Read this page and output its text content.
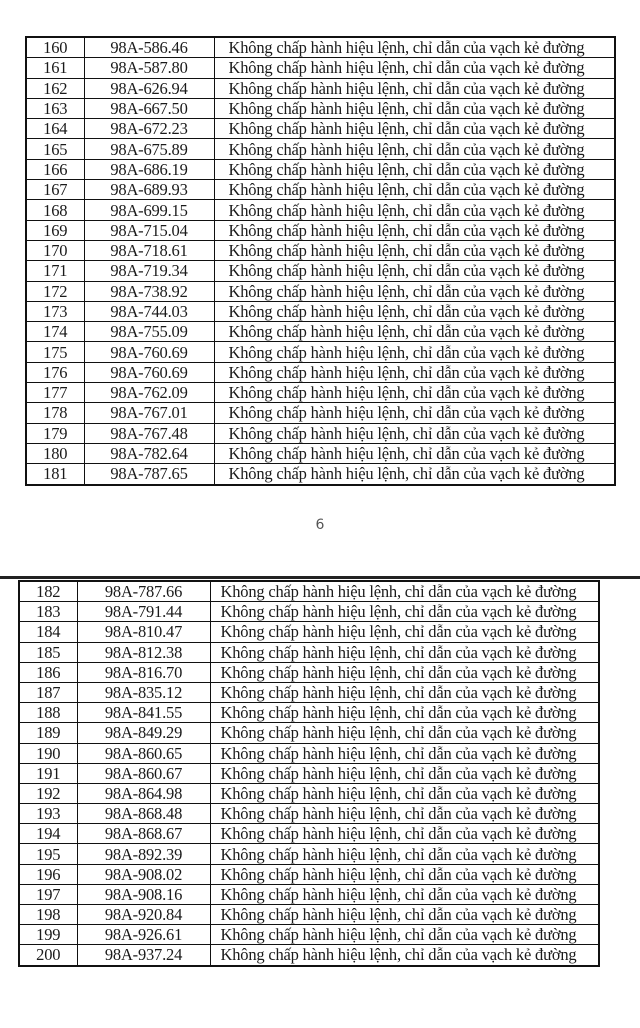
160	98A-586.46	Không chấp hành hiệu lệnh, chỉ dẫn của vạch kẻ đường
161	98A-587.80	Không chấp hành hiệu lệnh, chỉ dẫn của vạch kẻ đường
162	98A-626.94	Không chấp hành hiệu lệnh, chỉ dẫn của vạch kẻ đường
163	98A-667.50	Không chấp hành hiệu lệnh, chỉ dẫn của vạch kẻ đường
164	98A-672.23	Không chấp hành hiệu lệnh, chỉ dẫn của vạch kẻ đường
165	98A-675.89	Không chấp hành hiệu lệnh, chỉ dẫn của vạch kẻ đường
166	98A-686.19	Không chấp hành hiệu lệnh, chỉ dẫn của vạch kẻ đường
167	98A-689.93	Không chấp hành hiệu lệnh, chỉ dẫn của vạch kẻ đường
168	98A-699.15	Không chấp hành hiệu lệnh, chỉ dẫn của vạch kẻ đường
169	98A-715.04	Không chấp hành hiệu lệnh, chỉ dẫn của vạch kẻ đường
170	98A-718.61	Không chấp hành hiệu lệnh, chỉ dẫn của vạch kẻ đường
171	98A-719.34	Không chấp hành hiệu lệnh, chỉ dẫn của vạch kẻ đường
172	98A-738.92	Không chấp hành hiệu lệnh, chỉ dẫn của vạch kẻ đường
173	98A-744.03	Không chấp hành hiệu lệnh, chỉ dẫn của vạch kẻ đường
174	98A-755.09	Không chấp hành hiệu lệnh, chỉ dẫn của vạch kẻ đường
175	98A-760.69	Không chấp hành hiệu lệnh, chỉ dẫn của vạch kẻ đường
176	98A-760.69	Không chấp hành hiệu lệnh, chỉ dẫn của vạch kẻ đường
177	98A-762.09	Không chấp hành hiệu lệnh, chỉ dẫn của vạch kẻ đường
178	98A-767.01	Không chấp hành hiệu lệnh, chỉ dẫn của vạch kẻ đường
179	98A-767.48	Không chấp hành hiệu lệnh, chỉ dẫn của vạch kẻ đường
180	98A-782.64	Không chấp hành hiệu lệnh, chỉ dẫn của vạch kẻ đường
181	98A-787.65	Không chấp hành hiệu lệnh, chỉ dẫn của vạch kẻ đường
6
182	98A-787.66	Không chấp hành hiệu lệnh, chỉ dẫn của vạch kẻ đường
183	98A-791.44	Không chấp hành hiệu lệnh, chỉ dẫn của vạch kẻ đường
184	98A-810.47	Không chấp hành hiệu lệnh, chỉ dẫn của vạch kẻ đường
185	98A-812.38	Không chấp hành hiệu lệnh, chỉ dẫn của vạch kẻ đường
186	98A-816.70	Không chấp hành hiệu lệnh, chỉ dẫn của vạch kẻ đường
187	98A-835.12	Không chấp hành hiệu lệnh, chỉ dẫn của vạch kẻ đường
188	98A-841.55	Không chấp hành hiệu lệnh, chỉ dẫn của vạch kẻ đường
189	98A-849.29	Không chấp hành hiệu lệnh, chỉ dẫn của vạch kẻ đường
190	98A-860.65	Không chấp hành hiệu lệnh, chỉ dẫn của vạch kẻ đường
191	98A-860.67	Không chấp hành hiệu lệnh, chỉ dẫn của vạch kẻ đường
192	98A-864.98	Không chấp hành hiệu lệnh, chỉ dẫn của vạch kẻ đường
193	98A-868.48	Không chấp hành hiệu lệnh, chỉ dẫn của vạch kẻ đường
194	98A-868.67	Không chấp hành hiệu lệnh, chỉ dẫn của vạch kẻ đường
195	98A-892.39	Không chấp hành hiệu lệnh, chỉ dẫn của vạch kẻ đường
196	98A-908.02	Không chấp hành hiệu lệnh, chỉ dẫn của vạch kẻ đường
197	98A-908.16	Không chấp hành hiệu lệnh, chỉ dẫn của vạch kẻ đường
198	98A-920.84	Không chấp hành hiệu lệnh, chỉ dẫn của vạch kẻ đường
199	98A-926.61	Không chấp hành hiệu lệnh, chỉ dẫn của vạch kẻ đường
200	98A-937.24	Không chấp hành hiệu lệnh, chỉ dẫn của vạch kẻ đường
